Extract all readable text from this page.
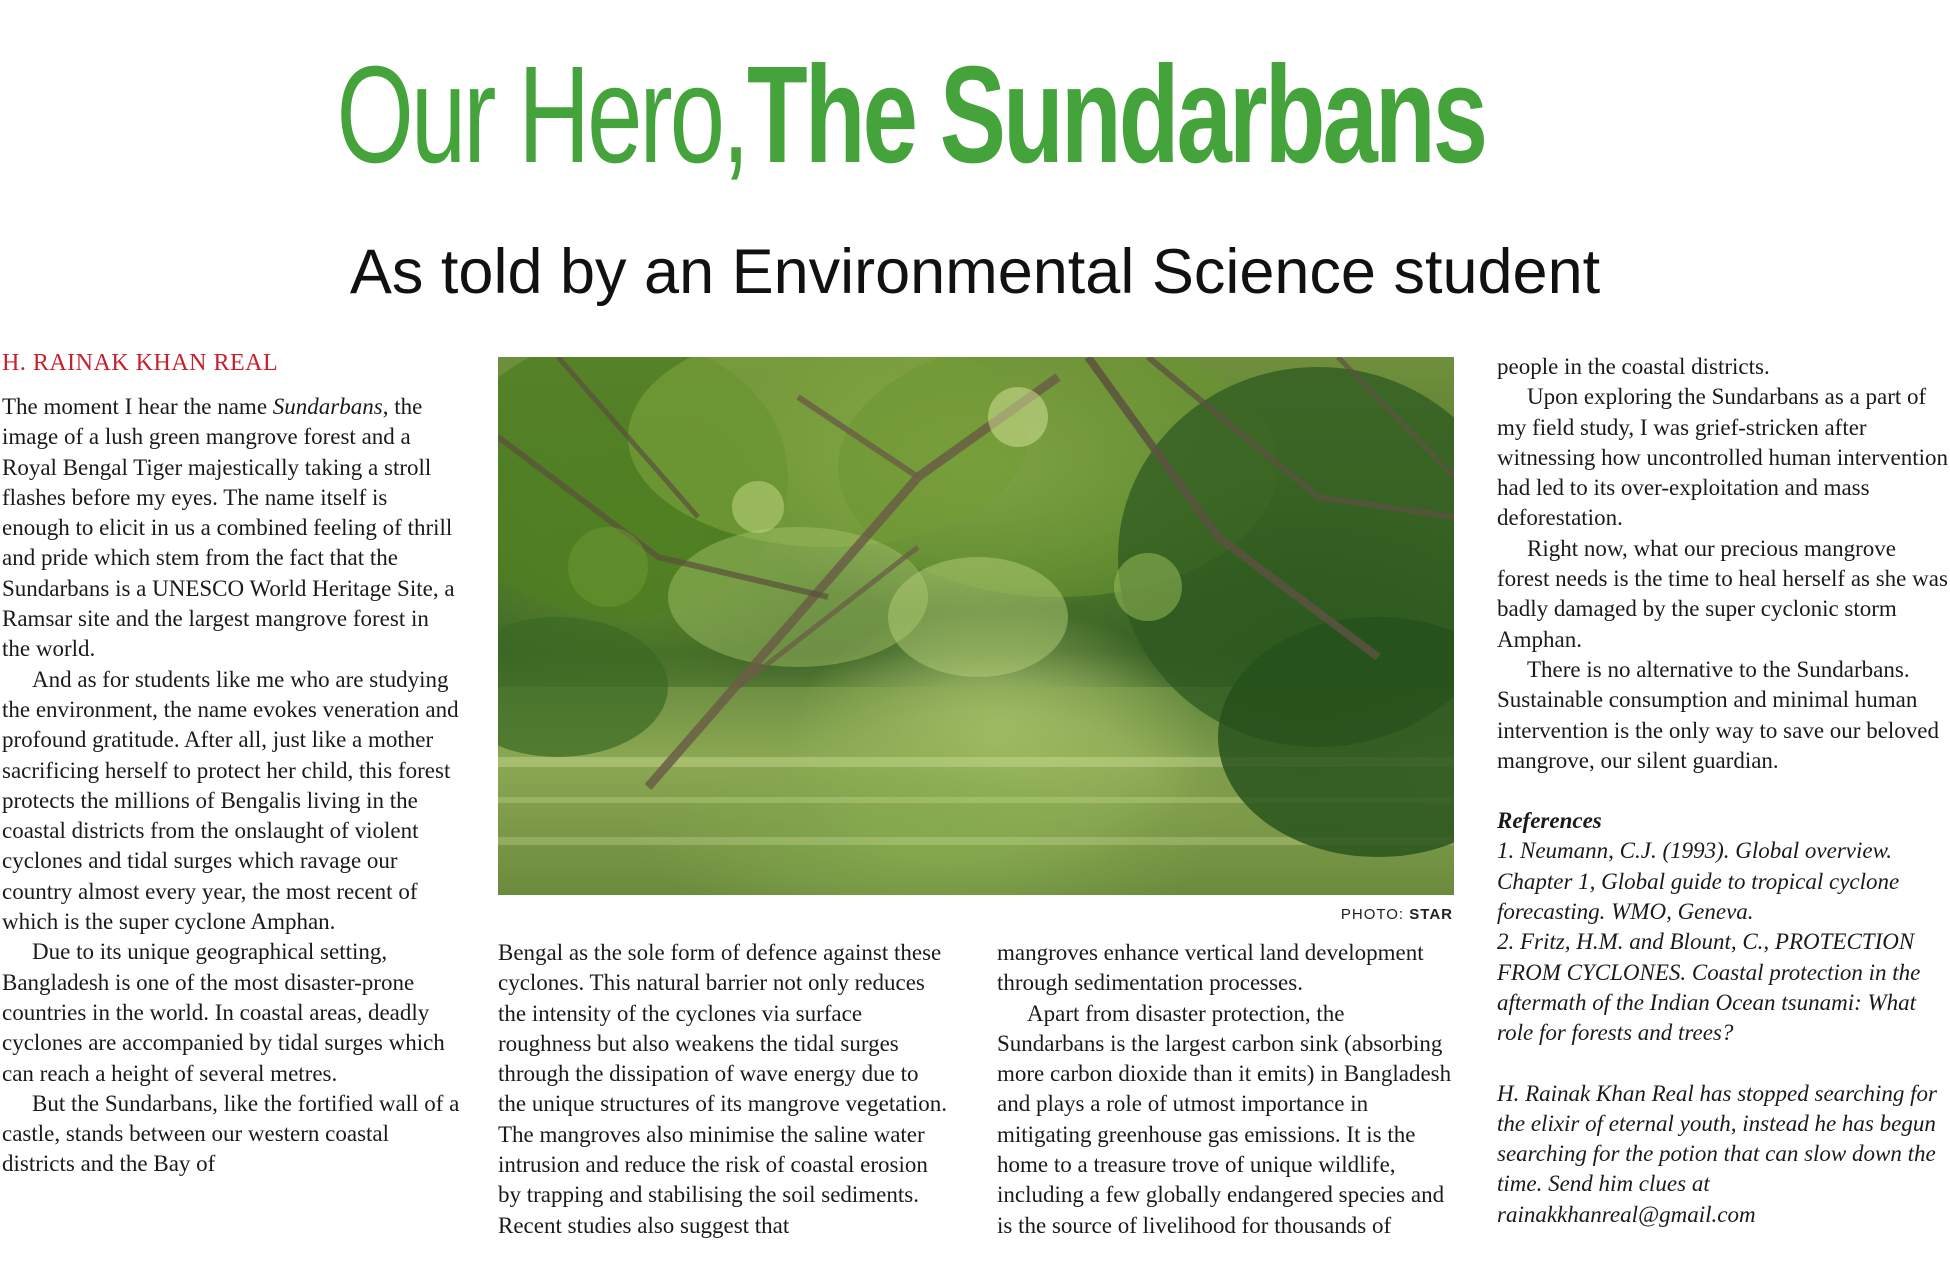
Our Hero,The Sundarbans
As told by an Environmental Science student
H. RAINAK KHAN REAL

The moment I hear the name Sundarbans, the image of a lush green mangrove forest and a Royal Bengal Tiger majestically taking a stroll flashes before my eyes. The name itself is enough to elicit in us a combined feeling of thrill and pride which stem from the fact that the Sundarbans is a UNESCO World Heritage Site, a Ramsar site and the largest mangrove forest in the world.

And as for students like me who are studying the environment, the name evokes veneration and profound gratitude. After all, just like a mother sacrificing herself to protect her child, this forest protects the millions of Bengalis living in the coastal districts from the onslaught of violent cyclones and tidal surges which ravage our country almost every year, the most recent of which is the super cyclone Amphan.

Due to its unique geographical setting, Bangladesh is one of the most disaster-prone countries in the world. In coastal areas, deadly cyclones are accompanied by tidal surges which can reach a height of several metres.

But the Sundarbans, like the fortified wall of a castle, stands between our western coastal districts and the Bay of

PHOTO: STAR

Bengal as the sole form of defence against these cyclones. This natural barrier not only reduces the intensity of the cyclones via surface roughness but also weakens the tidal surges through the dissipation of wave energy due to the unique structures of its mangrove vegetation. The mangroves also minimise the saline water intrusion and reduce the risk of coastal erosion by trapping and stabilising the soil sediments. Recent studies also suggest that

mangroves enhance vertical land development through sedimentation processes.

Apart from disaster protection, the Sundarbans is the largest carbon sink (absorbing more carbon dioxide than it emits) in Bangladesh and plays a role of utmost importance in mitigating greenhouse gas emissions. It is the home to a treasure trove of unique wildlife, including a few globally endangered species and is the source of livelihood for thousands of

people in the coastal districts.

Upon exploring the Sundarbans as a part of my field study, I was grief-stricken after witnessing how uncontrolled human intervention had led to its over-exploitation and mass deforestation.

Right now, what our precious mangrove forest needs is the time to heal herself as she was badly damaged by the super cyclonic storm Amphan.

There is no alternative to the Sundarbans. Sustainable consumption and minimal human intervention is the only way to save our beloved mangrove, our silent guardian.

References

1. Neumann, C.J. (1993). Global overview. Chapter 1, Global guide to tropical cyclone forecasting. WMO, Geneva.

2. Fritz, H.M. and Blount, C., PROTECTION FROM CYCLONES. Coastal protection in the aftermath of the Indian Ocean tsunami: What role for forests and trees?

H. Rainak Khan Real has stopped searching for the elixir of eternal youth, instead he has begun searching for the potion that can slow down the time. Send him clues at rainakkhanreal@gmail.com
